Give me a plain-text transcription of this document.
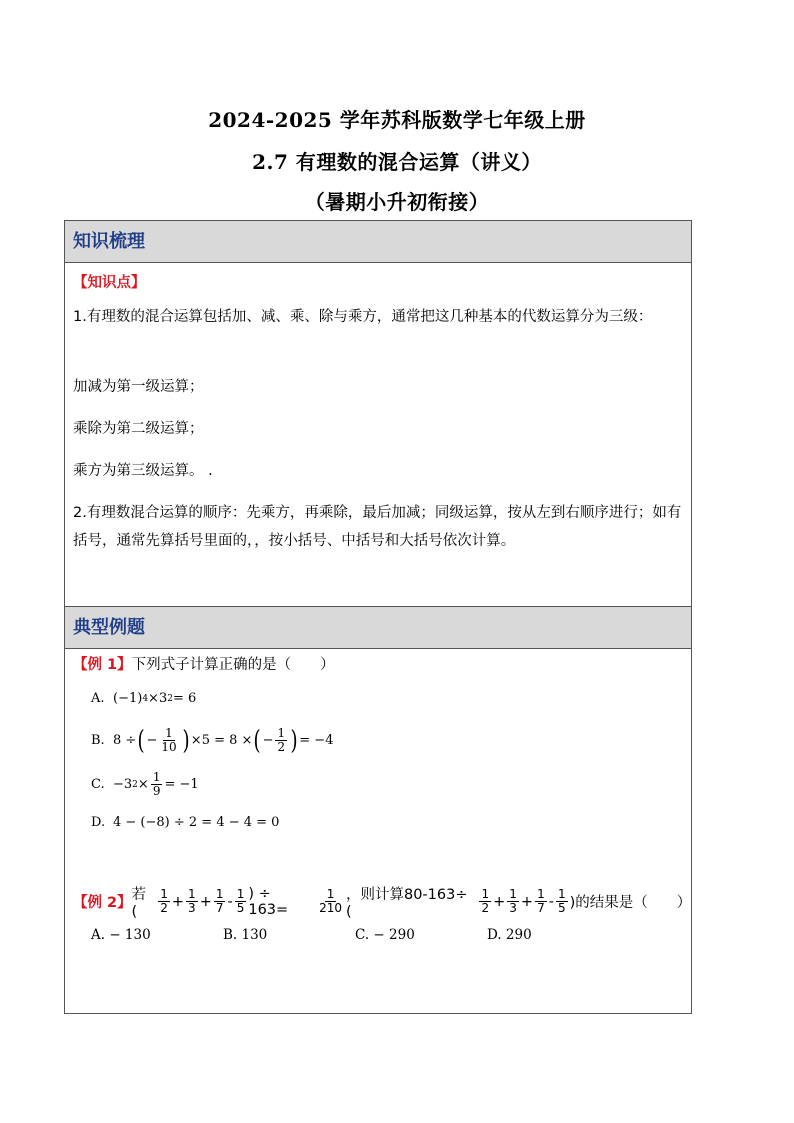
2024-2025 学年苏科版数学七年级上册
2.7 有理数的混合运算（讲义）
（暑期小升初衔接）
知识梳理

【知识点】

1.有理数的混合运算包括加、减、乘、除与乘方，通常把这几种基本的代数运算分为三级：

加减为第一级运算；

乘除为第二级运算；

乘方为第三级运算。 .

2.有理数混合运算的顺序：先乘方，再乘除，最后加减；同级运算，按从左到右顺序进行；如有括号，通常先算括号里面的，，按小括号、中括号和大括号依次计算。

典型例题

【例 1】下列式子计算正确的是（　　）

A. (−1) 4 ×3 2 = 6
B. 8 ÷ ( − $\frac{1}{10}$ ) ×5 = 8 × ( − $\frac{1}{2}$ ) = −4
C. −3 $2 \times \frac{1}{9} = -1$
D. 4 − (−8) ÷ 2 = 4 − 4 = 0
【例 2】 若 (	$\frac{1}{2} + \frac{1}{3} + \frac{1}{7} - \frac{1}{5}$ ) ÷ 163=	$\frac{1}{210}$ ，则计算80-163÷ (	$\frac{1}{2} + \frac{1}{3} + \frac{1}{7} - \frac{1}{5}$ )的结果是（　　）
A. − 130	B. 130	C. − 290	D. 290
